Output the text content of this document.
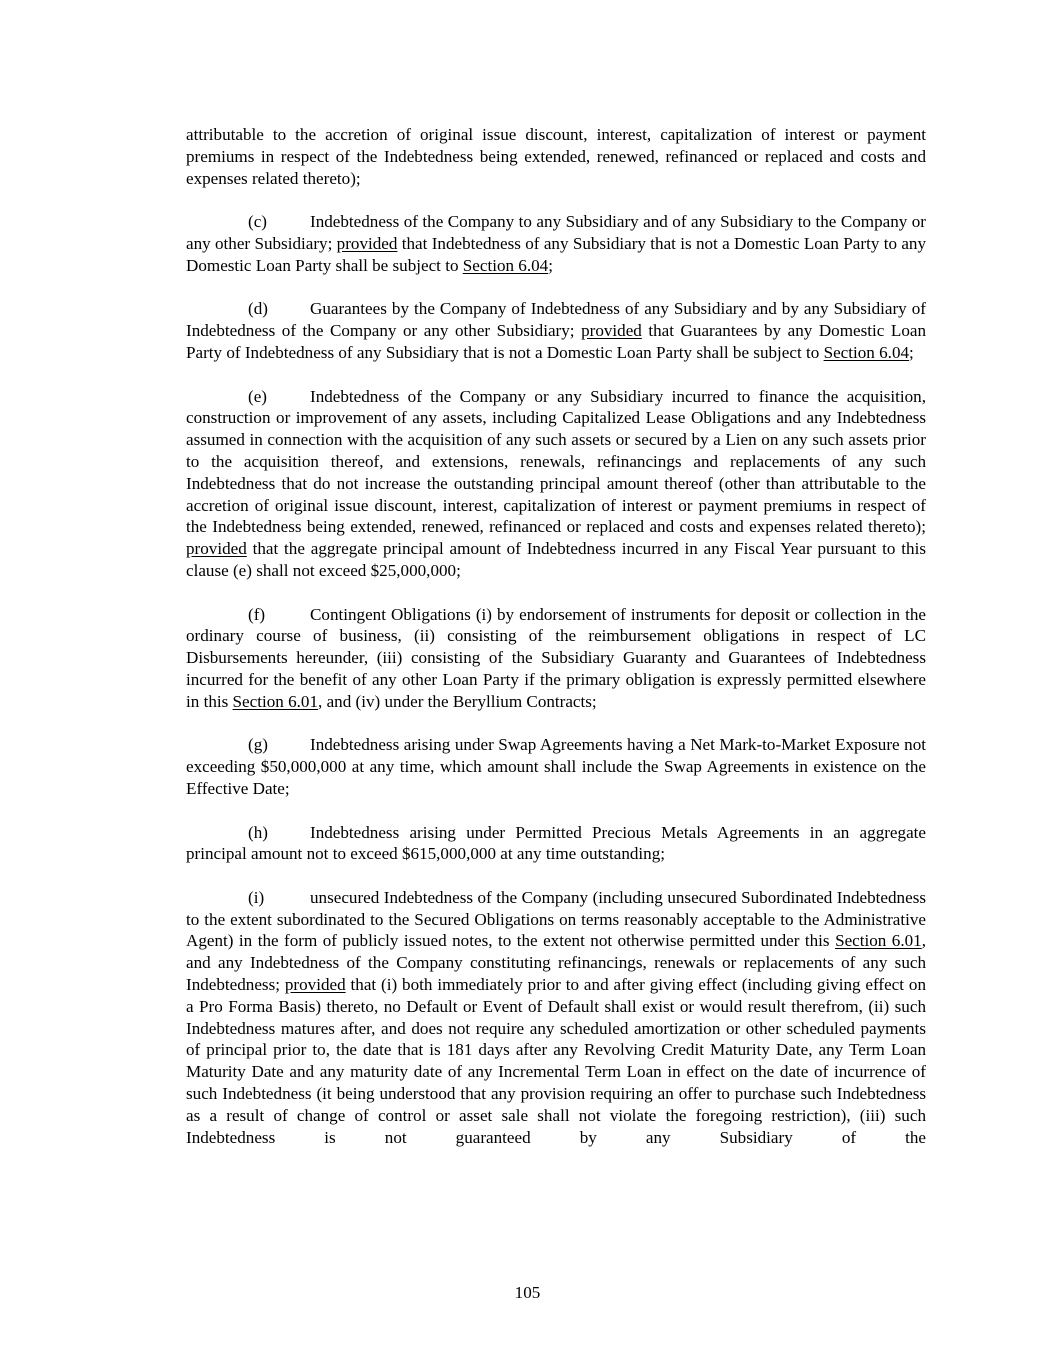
attributable to the accretion of original issue discount, interest, capitalization of interest or payment premiums in respect of the Indebtedness being extended, renewed, refinanced or replaced and costs and expenses related thereto);

(c)	Indebtedness of the Company to any Subsidiary and of any Subsidiary to the Company or any other Subsidiary; provided that Indebtedness of any Subsidiary that is not a Domestic Loan Party to any Domestic Loan Party shall be subject to Section 6.04;

(d) Guarantees by the Company of Indebtedness of any Subsidiary and by any Subsidiary of Indebtedness of the Company or any other Subsidiary; provided that Guarantees by any Domestic Loan Party of Indebtedness of any Subsidiary that is not a Domestic Loan Party shall be subject to Section 6.04;

(e)	Indebtedness of the Company or any Subsidiary incurred to finance the acquisition, construction or improvement of any assets, including Capitalized Lease Obligations and any Indebtedness assumed in connection with the acquisition of any such assets or secured by a Lien on any such assets prior to the acquisition thereof, and extensions, renewals, refinancings and replacements of any such Indebtedness that do not increase the outstanding principal amount thereof (other than attributable to the accretion of original issue discount, interest, capitalization of interest or payment premiums in respect of the Indebtedness being extended, renewed, refinanced or replaced and costs and expenses related thereto); provided that the aggregate principal amount of Indebtedness incurred in any Fiscal Year pursuant to this clause (e) shall not exceed $25,000,000;

(f)	Contingent Obligations (i) by endorsement of instruments for deposit or collection in the ordinary course of business, (ii) consisting of the reimbursement obligations in respect of LC Disbursements hereunder, (iii) consisting of the Subsidiary Guaranty and Guarantees of Indebtedness incurred for the benefit of any other Loan Party if the primary obligation is expressly permitted elsewhere in this Section 6.01, and (iv) under the Beryllium Contracts;

(g) Indebtedness arising under Swap Agreements having a Net Mark-to-Market Exposure not exceeding $50,000,000 at any time, which amount shall include the Swap Agreements in existence on the Effective Date;

(h) Indebtedness arising under Permitted Precious Metals Agreements in an aggregate principal amount not to exceed $615,000,000 at any time outstanding;

(i)	unsecured Indebtedness of the Company (including unsecured Subordinated Indebtedness to the extent subordinated to the Secured Obligations on terms reasonably acceptable to the Administrative Agent) in the form of publicly issued notes, to the extent not otherwise permitted under this Section 6.01, and any Indebtedness of the Company constituting refinancings, renewals or replacements of any such Indebtedness; provided that (i) both immediately prior to and after giving effect (including giving effect on a Pro Forma Basis) thereto, no Default or Event of Default shall exist or would result therefrom, (ii) such Indebtedness matures after, and does not require any scheduled amortization or other scheduled payments of principal prior to, the date that is 181 days after any Revolving Credit Maturity Date, any Term Loan Maturity Date and any maturity date of any Incremental Term Loan in effect on the date of incurrence of such Indebtedness (it being understood that any provision requiring an offer to purchase such Indebtedness as a result of change of control or asset sale shall not violate the foregoing restriction), (iii) such Indebtedness is not guaranteed by any Subsidiary of the

105
